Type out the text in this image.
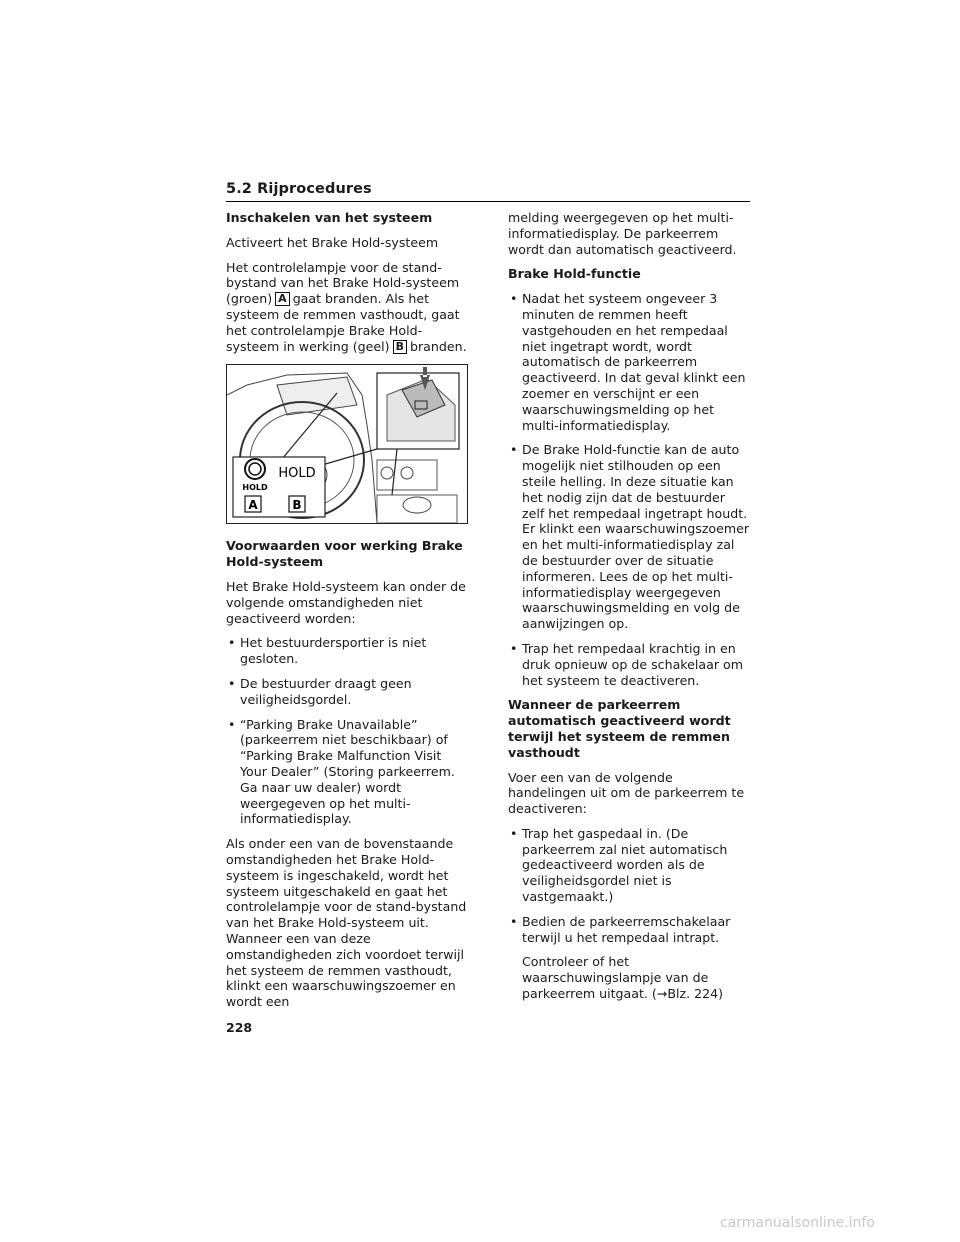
5.2 Rijprocedures

Inschakelen van het systeem

Activeert het Brake Hold-systeem

Het controlelampje voor de stand-bystand van het Brake Hold-systeem (groen) A gaat branden. Als het systeem de remmen vasthoudt, gaat het controlelampje Brake Hold-systeem in werking (geel) B branden.

HOLD
HOLD
A	B

Voorwaarden voor werking Brake Hold-systeem

Het Brake Hold-systeem kan onder de volgende omstandigheden niet geactiveerd worden:

• Het bestuurdersportier is niet gesloten.
• De bestuurder draagt geen veiligheidsgordel.
• “Parking Brake Unavailable” (parkeerrem niet beschikbaar) of “Parking Brake Malfunction Visit Your Dealer” (Storing parkeerrem. Ga naar uw dealer) wordt weergegeven op het multi-informatiedisplay.

Als onder een van de bovenstaande omstandigheden het Brake Hold-systeem is ingeschakeld, wordt het systeem uitgeschakeld en gaat het controlelampje voor de stand-bystand van het Brake Hold-systeem uit. Wanneer een van deze omstandigheden zich voordoet terwijl het systeem de remmen vasthoudt, klinkt een waarschuwingszoemer en wordt een

melding weergegeven op het multi-informatiedisplay. De parkeerrem wordt dan automatisch geactiveerd.

Brake Hold-functie

• Nadat het systeem ongeveer 3 minuten de remmen heeft vastgehouden en het rempedaal niet ingetrapt wordt, wordt automatisch de parkeerrem geactiveerd. In dat geval klinkt een zoemer en verschijnt er een waarschuwingsmelding op het multi-informatiedisplay.
• De Brake Hold-functie kan de auto mogelijk niet stilhouden op een steile helling. In deze situatie kan het nodig zijn dat de bestuurder zelf het rempedaal ingetrapt houdt. Er klinkt een waarschuwingszoemer en het multi-informatiedisplay zal de bestuurder over de situatie informeren. Lees de op het multi-informatiedisplay weergegeven waarschuwingsmelding en volg de aanwijzingen op.
• Trap het rempedaal krachtig in en druk opnieuw op de schakelaar om het systeem te deactiveren.

Wanneer de parkeerrem automatisch geactiveerd wordt terwijl het systeem de remmen vasthoudt

Voer een van de volgende handelingen uit om de parkeerrem te deactiveren:

• Trap het gaspedaal in. (De parkeerrem zal niet automatisch gedeactiveerd worden als de veiligheidsgordel niet is vastgemaakt.)
• Bedien de parkeerremschakelaar terwijl u het rempedaal intrapt.

Controleer of het waarschuwingslampje van de parkeerrem uitgaat. (→Blz. 224)

228
carmanualsonline.info
